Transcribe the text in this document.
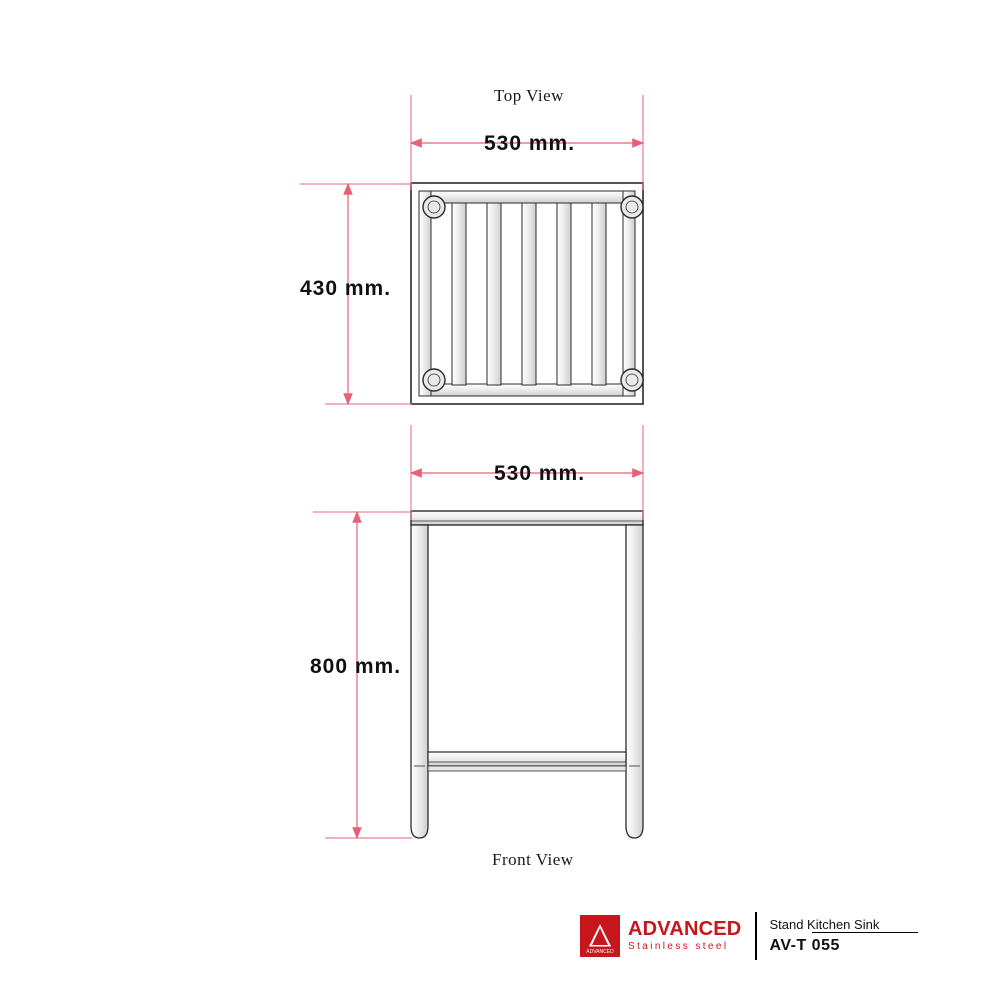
Top View
Front View
530 mm.
430 mm.
530 mm.
800 mm.
ADVANCED
ADVANCED
Stainless steel
Stand Kitchen Sink
AV-T 055
